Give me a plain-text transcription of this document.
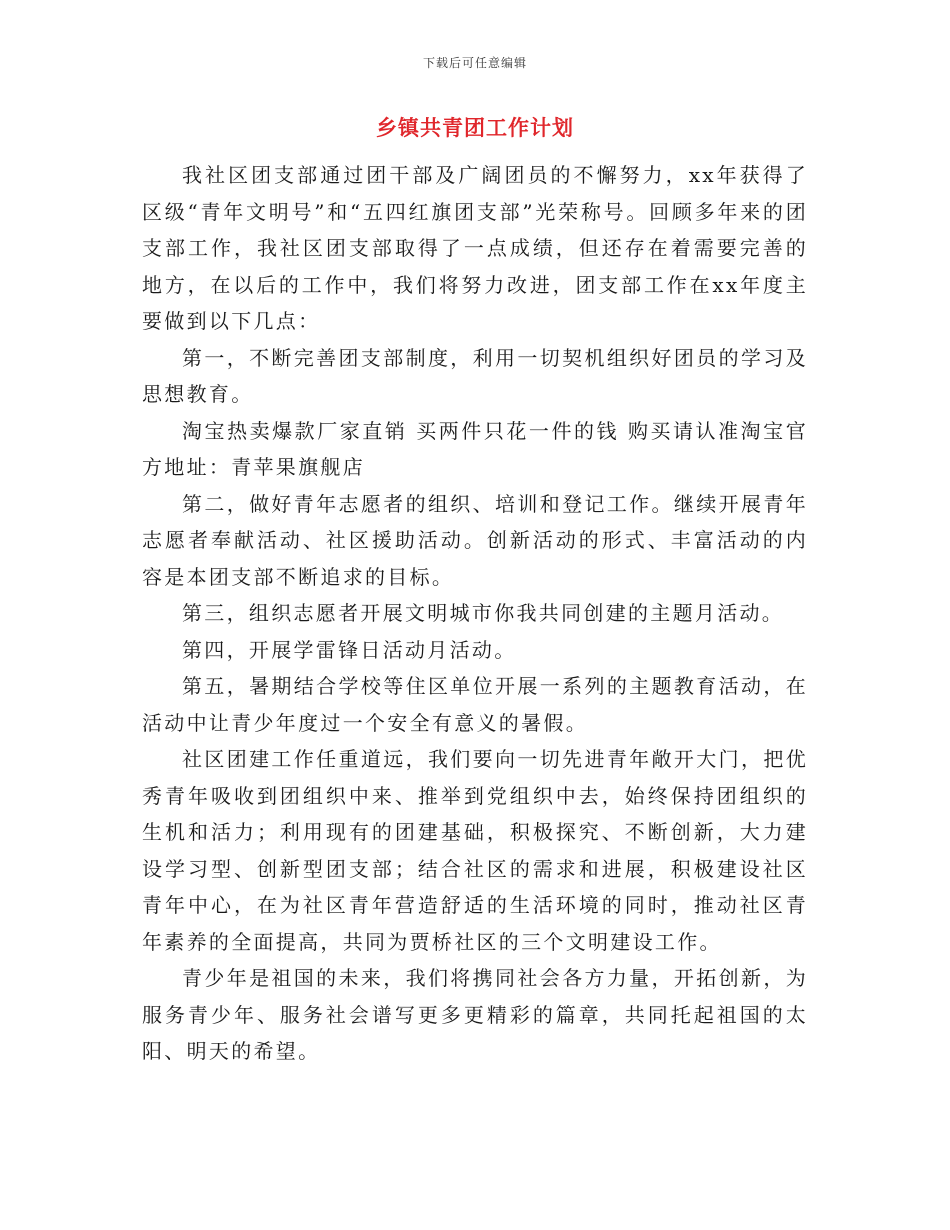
下载后可任意编辑
乡镇共青团工作计划

我社区团支部通过团干部及广阔团员的不懈努力，xx年获得了区级“青年文明号”和“五四红旗团支部”光荣称号。回顾多年来的团支部工作，我社区团支部取得了一点成绩，但还存在着需要完善的地方，在以后的工作中，我们将努力改进，团支部工作在xx年度主要做到以下几点：

第一，不断完善团支部制度，利用一切契机组织好团员的学习及思想教育。

淘宝热卖爆款厂家直销 买两件只花一件的钱 购买请认准淘宝官方地址：青苹果旗舰店

第二，做好青年志愿者的组织、培训和登记工作。继续开展青年志愿者奉献活动、社区援助活动。创新活动的形式、丰富活动的内容是本团支部不断追求的目标。

第三，组织志愿者开展文明城市你我共同创建的主题月活动。

第四，开展学雷锋日活动月活动。

第五，暑期结合学校等住区单位开展一系列的主题教育活动，在活动中让青少年度过一个安全有意义的暑假。

社区团建工作任重道远，我们要向一切先进青年敞开大门，把优秀青年吸收到团组织中来、推举到党组织中去，始终保持团组织的生机和活力；利用现有的团建基础，积极探究、不断创新，大力建设学习型、创新型团支部；结合社区的需求和进展，积极建设社区青年中心，在为社区青年营造舒适的生活环境的同时，推动社区青年素养的全面提高，共同为贾桥社区的三个文明建设工作。

青少年是祖国的未来，我们将携同社会各方力量，开拓创新，为服务青少年、服务社会谱写更多更精彩的篇章，共同托起祖国的太阳、明天的希望。
